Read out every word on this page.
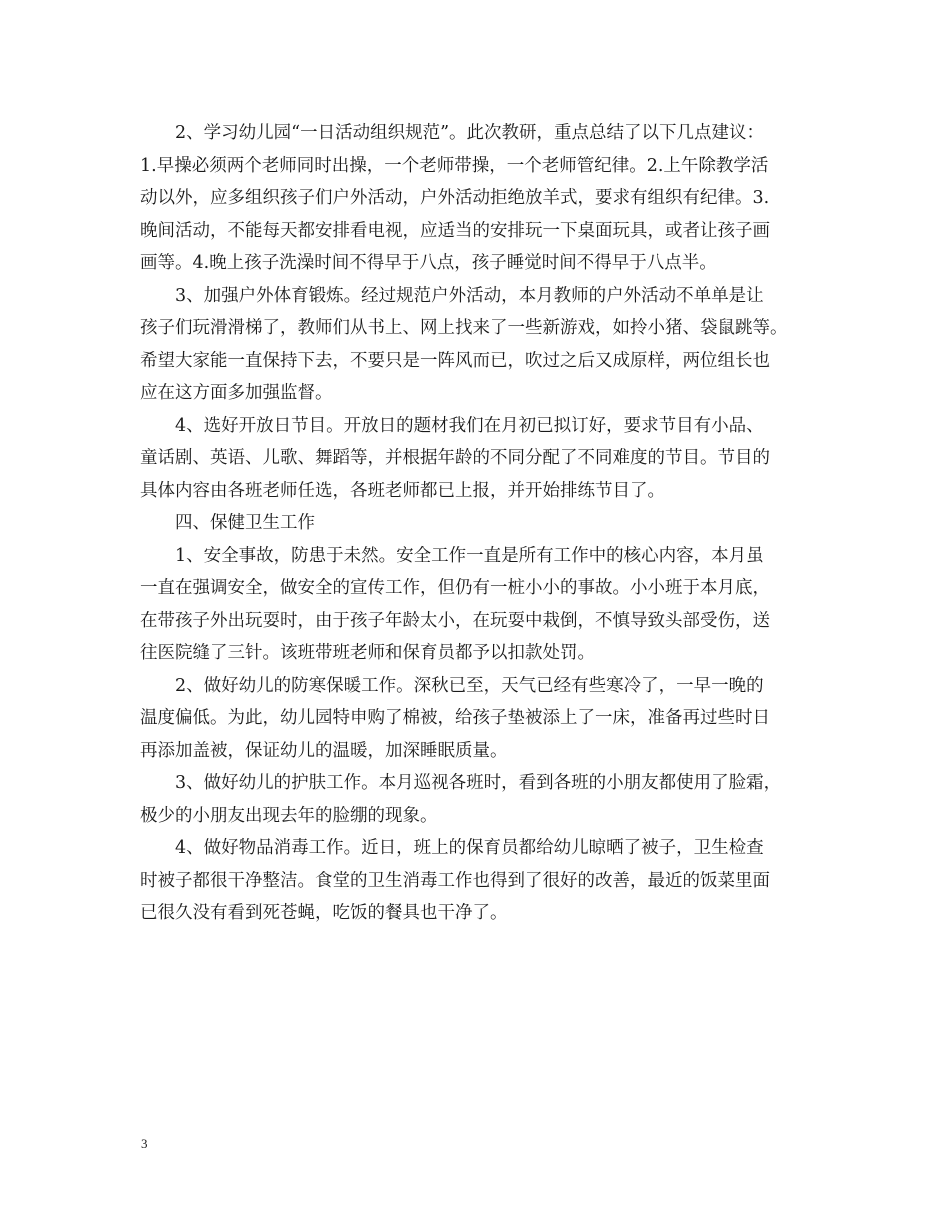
2、学习幼儿园“一日活动组织规范”。此次教研，重点总结了以下几点建议：
1.早操必须两个老师同时出操，一个老师带操，一个老师管纪律。2.上午除教学活
动以外，应多组织孩子们户外活动，户外活动拒绝放羊式，要求有组织有纪律。3.
晚间活动，不能每天都安排看电视，应适当的安排玩一下桌面玩具，或者让孩子画
画等。4.晚上孩子洗澡时间不得早于八点，孩子睡觉时间不得早于八点半。
3、加强户外体育锻炼。经过规范户外活动，本月教师的户外活动不单单是让
孩子们玩滑滑梯了，教师们从书上、网上找来了一些新游戏，如拎小猪、袋鼠跳等。
希望大家能一直保持下去，不要只是一阵风而已，吹过之后又成原样，两位组长也
应在这方面多加强监督。
4、选好开放日节目。开放日的题材我们在月初已拟订好，要求节目有小品、
童话剧、英语、儿歌、舞蹈等，并根据年龄的不同分配了不同难度的节目。节目的
具体内容由各班老师任选，各班老师都已上报，并开始排练节目了。
四、保健卫生工作
1、安全事故，防患于未然。安全工作一直是所有工作中的核心内容，本月虽
一直在强调安全，做安全的宣传工作，但仍有一桩小小的事故。小小班于本月底，
在带孩子外出玩耍时，由于孩子年龄太小，在玩耍中栽倒，不慎导致头部受伤，送
往医院缝了三针。该班带班老师和保育员都予以扣款处罚。
2、做好幼儿的防寒保暖工作。深秋已至，天气已经有些寒冷了，一早一晚的
温度偏低。为此，幼儿园特申购了棉被，给孩子垫被添上了一床，准备再过些时日
再添加盖被，保证幼儿的温暖，加深睡眠质量。
3、做好幼儿的护肤工作。本月巡视各班时，看到各班的小朋友都使用了脸霜，
极少的小朋友出现去年的脸绷的现象。
4、做好物品消毒工作。近日，班上的保育员都给幼儿晾晒了被子，卫生检查
时被子都很干净整洁。食堂的卫生消毒工作也得到了很好的改善，最近的饭菜里面
已很久没有看到死苍蝇，吃饭的餐具也干净了。
3
